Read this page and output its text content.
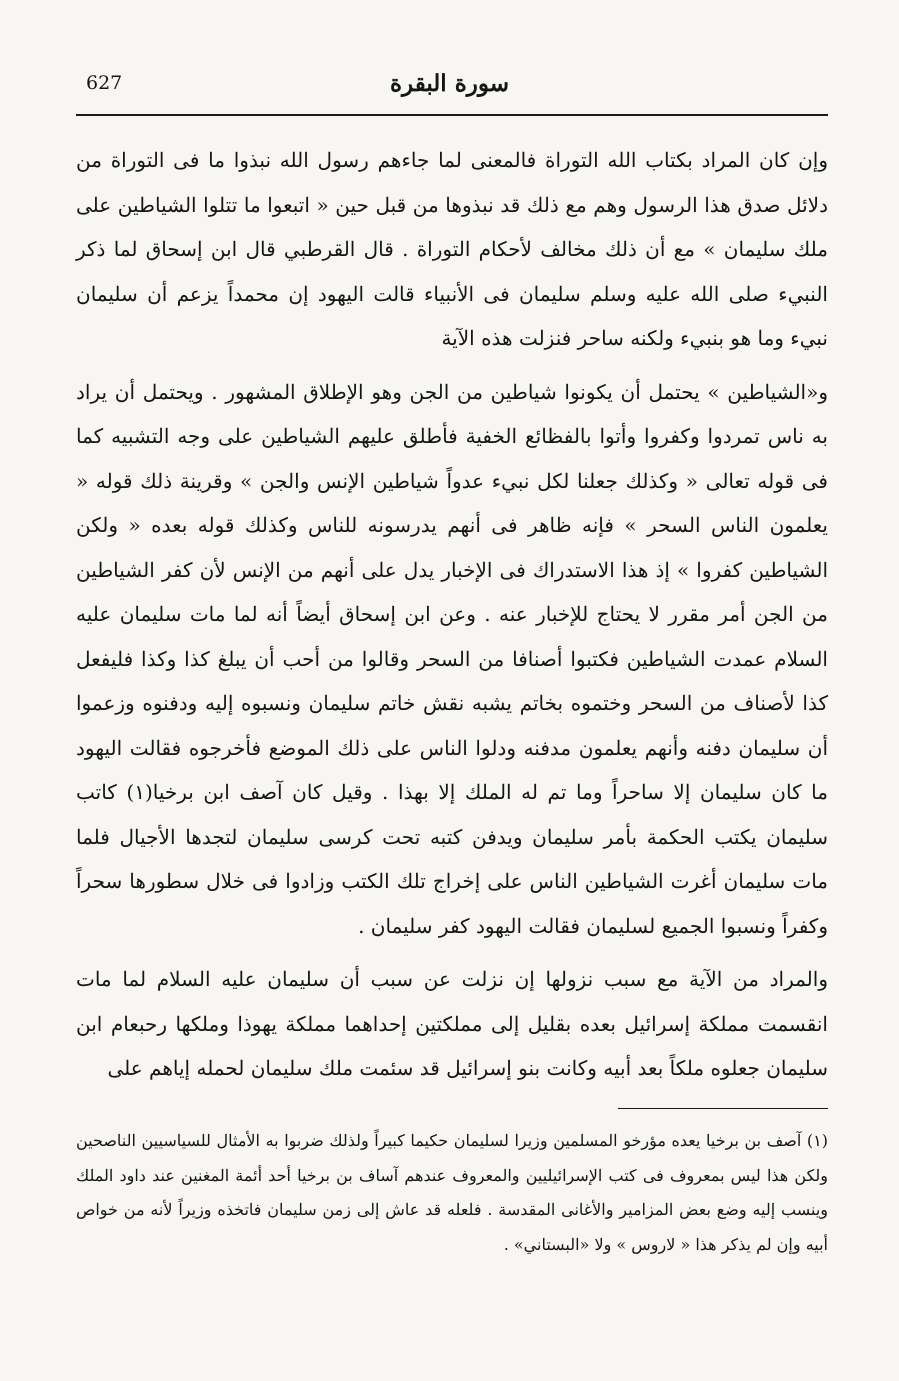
627	سورة البقرة

وإن كان المراد بكتاب الله التوراة فالمعنى لما جاءهم رسول الله نبذوا ما فى التوراة من دلائل صدق هذا الرسول وهم مع ذلك قد نبذوها من قبل حين « اتبعوا ما تتلوا الشياطين على ملك سليمان » مع أن ذلك مخالف لأحكام التوراة . قال القرطبي قال ابن إسحاق لما ذكر النبيء صلى الله عليه وسلم سليمان فى الأنبياء قالت اليهود إن محمداً يزعم أن سليمان نبيء وما هو بنبيء ولكنه ساحر فنزلت هذه الآية

و«الشياطين » يحتمل أن يكونوا شياطين من الجن وهو الإطلاق المشهور . ويحتمل أن يراد به ناس تمردوا وكفروا وأتوا بالفظائع الخفية فأطلق عليهم الشياطين على وجه التشبيه كما فى قوله تعالى « وكذلك جعلنا لكل نبيء عدواً شياطين الإنس والجن » وقرينة ذلك قوله « يعلمون الناس السحر » فإنه ظاهر فى أنهم يدرسونه للناس وكذلك قوله بعده « ولكن الشياطين كفروا » إذ هذا الاستدراك فى الإخبار يدل على أنهم من الإنس لأن كفر الشياطين من الجن أمر مقرر لا يحتاج للإخبار عنه . وعن ابن إسحاق أيضاً أنه لما مات سليمان عليه السلام عمدت الشياطين فكتبوا أصنافا من السحر وقالوا من أحب أن يبلغ كذا وكذا فليفعل كذا لأصناف من السحر وختموه بخاتم يشبه نقش خاتم سليمان ونسبوه إليه ودفنوه وزعموا أن سليمان دفنه وأنهم يعلمون مدفنه ودلوا الناس على ذلك الموضع فأخرجوه فقالت اليهود ما كان سليمان إلا ساحراً وما تم له الملك إلا بهذا . وقيل كان آصف ابن برخيا(١) كاتب سليمان يكتب الحكمة بأمر سليمان ويدفن كتبه تحت كرسى سليمان لتجدها الأجيال فلما مات سليمان أغرت الشياطين الناس على إخراج تلك الكتب وزادوا فى خلال سطورها سحراً وكفراً ونسبوا الجميع لسليمان فقالت اليهود كفر سليمان .

والمراد من الآية مع سبب نزولها إن نزلت عن سبب أن سليمان عليه السلام لما مات انقسمت مملكة إسرائيل بعده بقليل إلى مملكتين إحداهما مملكة يهوذا وملكها رحبعام ابن سليمان جعلوه ملكاً بعد أبيه وكانت بنو إسرائيل قد سئمت ملك سليمان لحمله إياهم على

(١) آصف بن برخيا يعده مؤرخو المسلمين وزيرا لسليمان حكيما كبيراً ولذلك ضربوا به الأمثال للسياسيين الناصحين ولكن هذا ليس بمعروف فى كتب الإسرائيليين والمعروف عندهم آساف بن برخيا أحد أئمة المغنين عند داود الملك وينسب إليه وضع بعض المزامير والأغانى المقدسة . فلعله قد عاش إلى زمن سليمان فاتخذه وزيراً لأنه من خواص أبيه وإن لم يذكر هذا « لاروس » ولا «البستاني» .
